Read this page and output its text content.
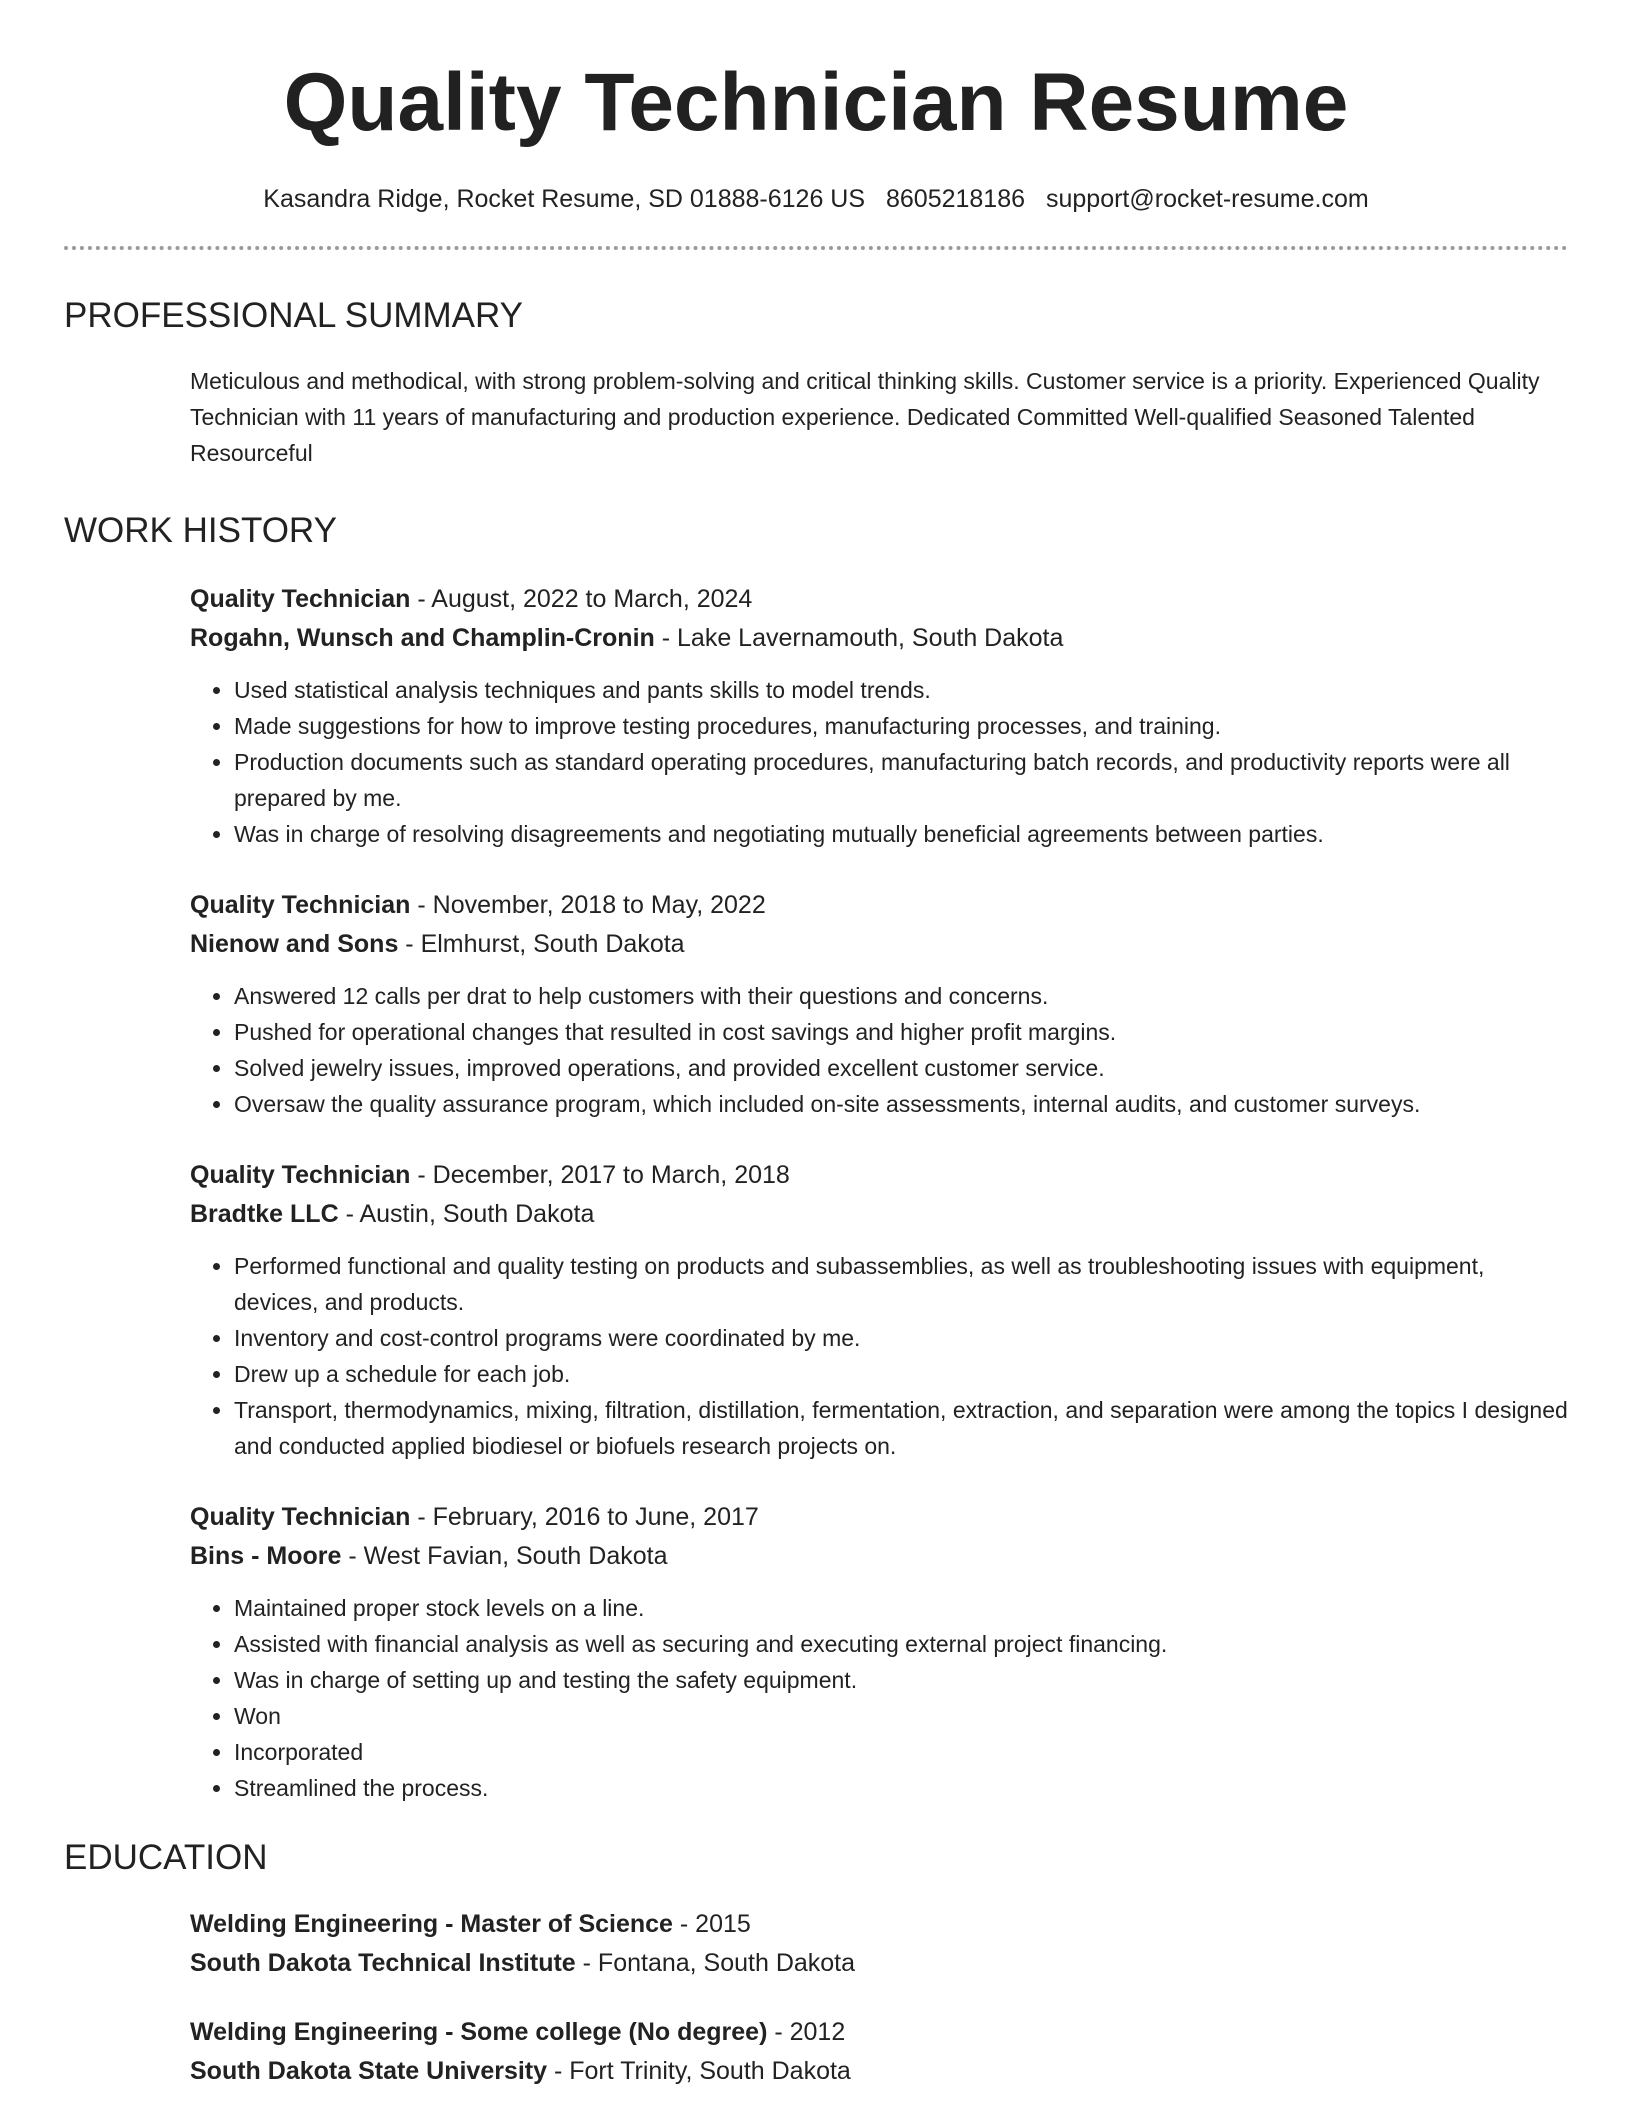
Quality Technician Resume
Kasandra Ridge, Rocket Resume, SD 01888-6126 US 8605218186 support@rocket-resume.com
PROFESSIONAL SUMMARY

Meticulous and methodical, with strong problem-solving and critical thinking skills. Customer service is a priority. Experienced Quality Technician with 11 years of manufacturing and production experience. Dedicated Committed Well-qualified Seasoned Talented Resourceful

WORK HISTORY
Quality Technician - August, 2022 to March, 2024
Rogahn, Wunsch and Champlin-Cronin - Lake Lavernamouth, South Dakota
• Used statistical analysis techniques and pants skills to model trends.
• Made suggestions for how to improve testing procedures, manufacturing processes, and training.
• Production documents such as standard operating procedures, manufacturing batch records, and productivity reports were all prepared by me.
• Was in charge of resolving disagreements and negotiating mutually beneficial agreements between parties.
Quality Technician - November, 2018 to May, 2022
Nienow and Sons - Elmhurst, South Dakota
• Answered 12 calls per drat to help customers with their questions and concerns.
• Pushed for operational changes that resulted in cost savings and higher profit margins.
• Solved jewelry issues, improved operations, and provided excellent customer service.
• Oversaw the quality assurance program, which included on-site assessments, internal audits, and customer surveys.
Quality Technician - December, 2017 to March, 2018
Bradtke LLC - Austin, South Dakota
• Performed functional and quality testing on products and subassemblies, as well as troubleshooting issues with equipment, devices, and products.
• Inventory and cost-control programs were coordinated by me.
• Drew up a schedule for each job.
• Transport, thermodynamics, mixing, filtration, distillation, fermentation, extraction, and separation were among the topics I designed and conducted applied biodiesel or biofuels research projects on.
Quality Technician - February, 2016 to June, 2017
Bins - Moore - West Favian, South Dakota
• Maintained proper stock levels on a line.
• Assisted with financial analysis as well as securing and executing external project financing.
• Was in charge of setting up and testing the safety equipment.
• Won
• Incorporated
• Streamlined the process.
EDUCATION
Welding Engineering - Master of Science - 2015
South Dakota Technical Institute - Fontana, South Dakota
Welding Engineering - Some college (No degree) - 2012
South Dakota State University - Fort Trinity, South Dakota
